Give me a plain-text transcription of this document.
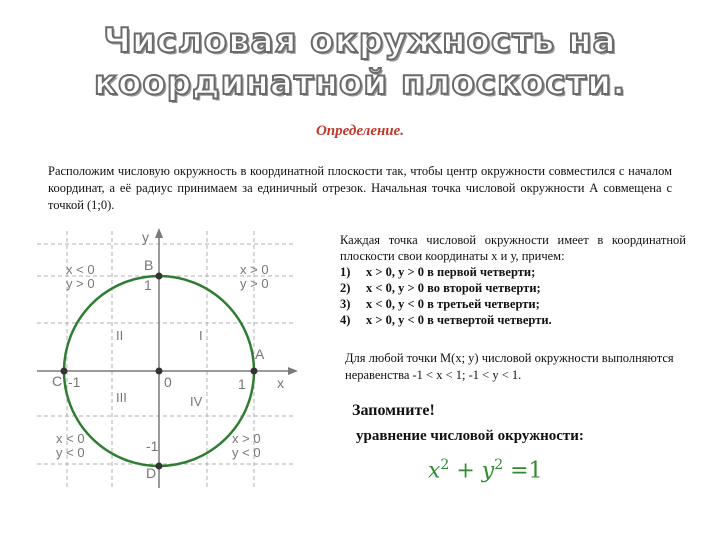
Числовая окружность на
координатной плоскости.
Определение.
Расположим числовую окружность в координатной плоскости так, чтобы центр окружности совместился с началом координат, а её радиус принимаем за единичный отрезок. Начальная точка числовой окружности А совмещена с точкой (1;0).
y
x
B
A
C
D
1
1
-1
-1
0
I
II
III	IV
x < 0
y > 0
x > 0
y > 0
x < 0
y < 0
x > 0
y < 0
Каждая точка числовой окружности имеет в координатной плоскости свои координаты х и у, причем:
1)	х > 0, у > 0 в первой четверти;
2)	х < 0, у > 0 во второй четверти;
3)	х < 0, у < 0 в третьей четверти;
4)	х > 0, у < 0 в четвертой четверти.
Для любой точки М(х; у) числовой окружности выполняются неравенства -1 < x < 1; -1 < y < 1.
Запомните!
уравнение числовой окружности:
$x^2 + y^2 =1$
